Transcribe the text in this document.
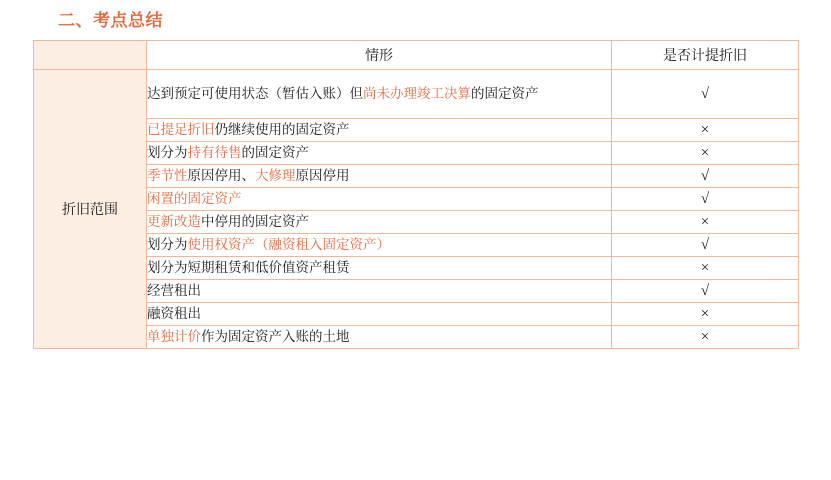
二、考点总结
	情形	是否计提折旧
折旧范围	达到预定可使用状态（暂估入账）但尚未办理竣工决算的固定资产	√
	已提足折旧仍继续使用的固定资产	×
	划分为持有待售的固定资产	×
	季节性原因停用、大修理原因停用	√
	闲置的固定资产	√
	更新改造中停用的固定资产	×
	划分为使用权资产（融资租入固定资产）	√
	划分为短期租赁和低价值资产租赁	×
	经营租出	√
	融资租出	×
	单独计价作为固定资产入账的土地	×
